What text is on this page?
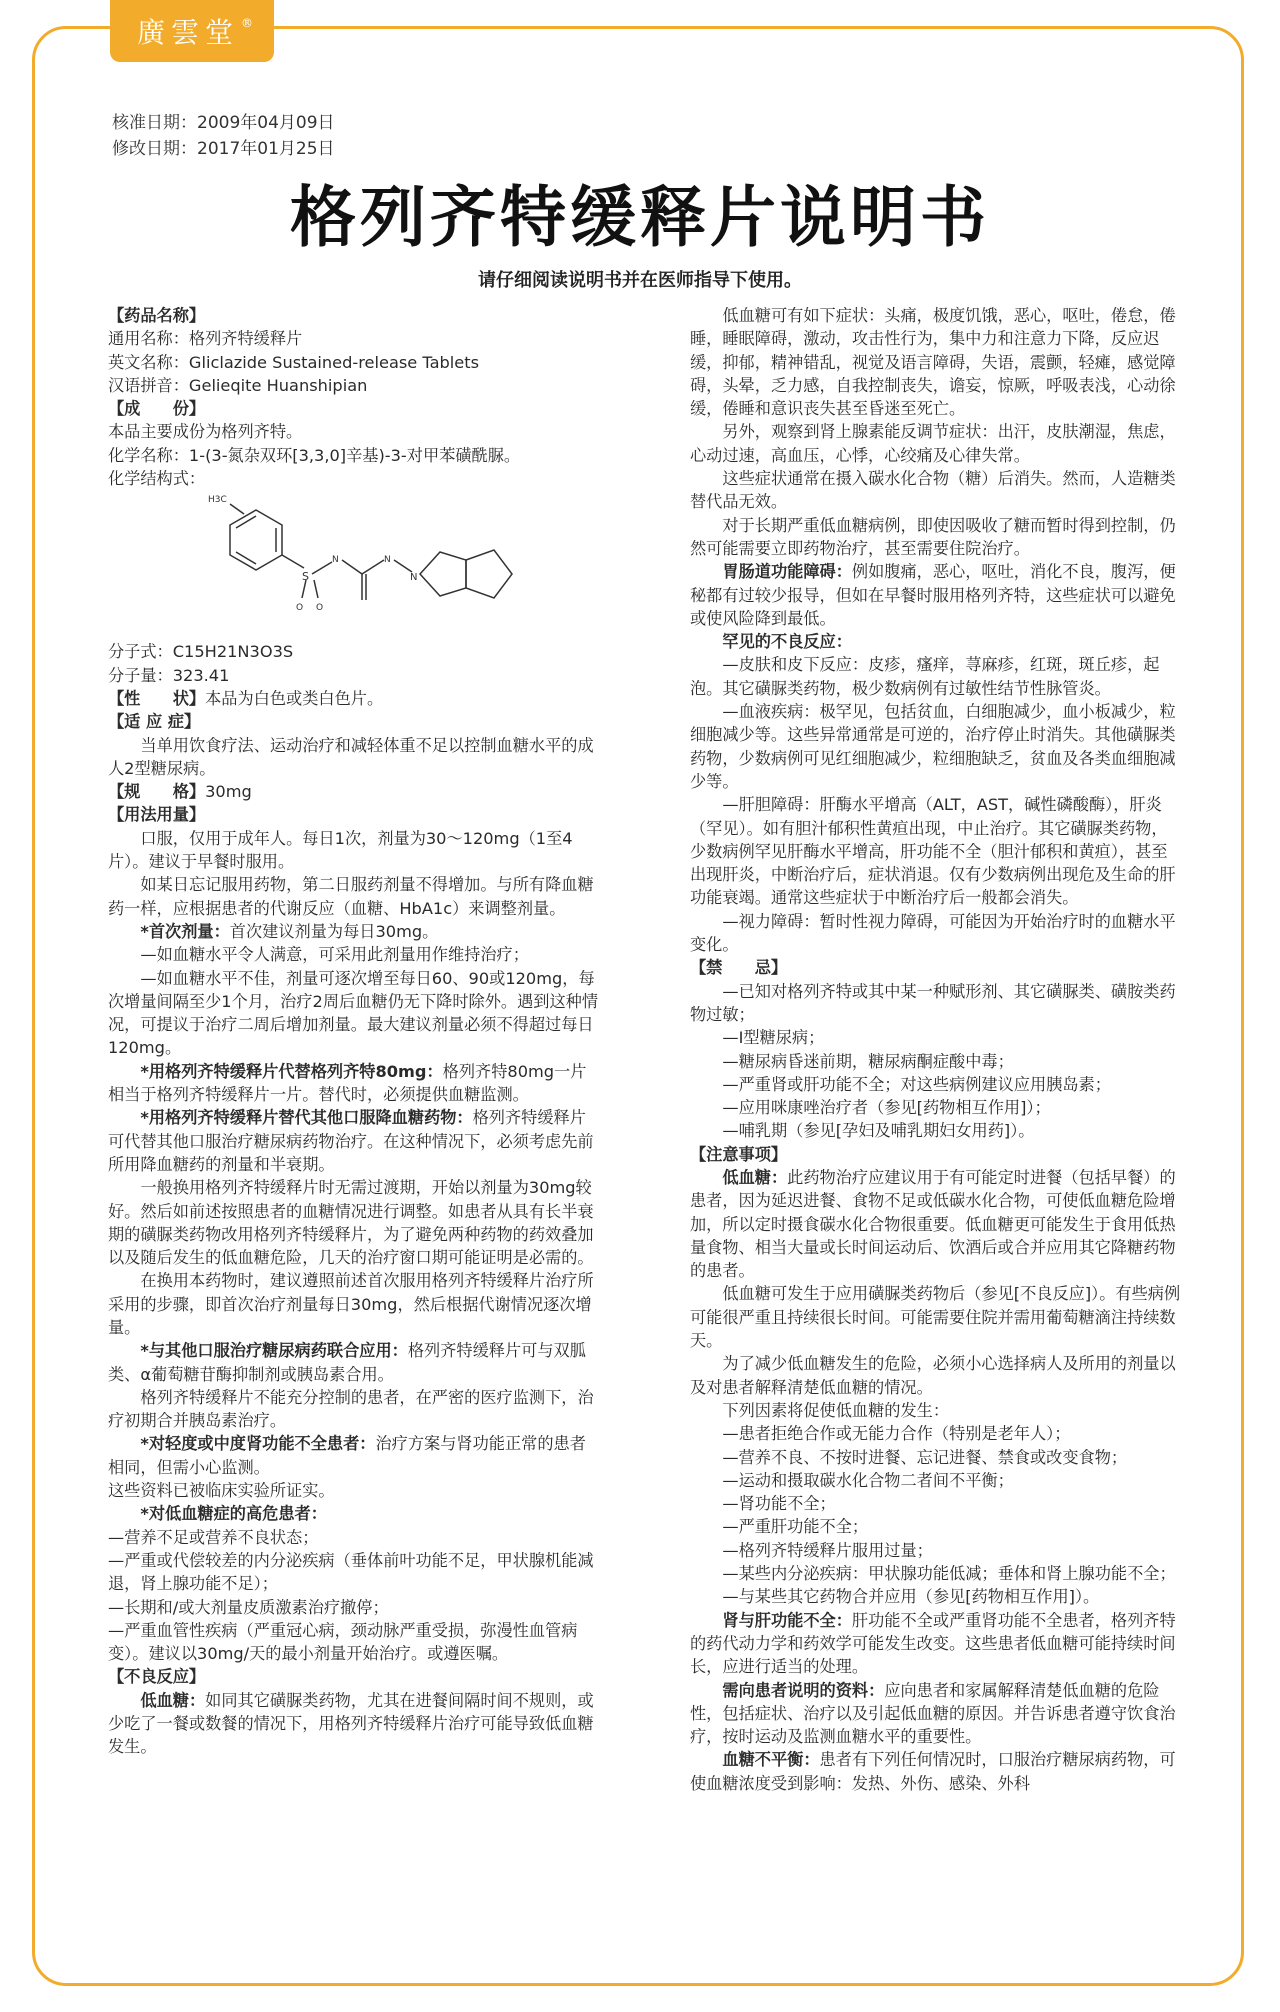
廣雲堂®
核准日期：2009年04月09日
修改日期：2017年01月25日
格列齐特缓释片说明书
请仔细阅读说明书并在医师指导下使用。

【药品名称】

通用名称：格列齐特缓释片

英文名称：Gliclazide Sustained-release Tablets

汉语拼音：Gelieqite Huanshipian

【成　　份】

本品主要成份为格列齐特。

化学名称：1-(3-氮杂双环[3,3,0]辛基)-3-对甲苯磺酰脲。

化学结构式：

H3C
S
O O
N	N
N

分子式：C15H21N3O3S

分子量：323.41

【性　　状】本品为白色或类白色片。

【适 应 症】

当单用饮食疗法、运动治疗和减轻体重不足以控制血糖水平的成人2型糖尿病。

【规　　格】30mg

【用法用量】

口服，仅用于成年人。每日1次，剂量为30～120mg（1至4片）。建议于早餐时服用。

如某日忘记服用药物，第二日服药剂量不得增加。与所有降血糖药一样，应根据患者的代谢反应（血糖、HbA1c）来调整剂量。

*首次剂量：首次建议剂量为每日30mg。

—如血糖水平令人满意，可采用此剂量用作维持治疗；

—如血糖水平不佳，剂量可逐次增至每日60、90或120mg，每次增量间隔至少1个月，治疗2周后血糖仍无下降时除外。遇到这种情况，可提议于治疗二周后增加剂量。最大建议剂量必须不得超过每日120mg。

*用格列齐特缓释片代替格列齐特80mg：格列齐特80mg一片相当于格列齐特缓释片一片。替代时，必须提供血糖监测。

*用格列齐特缓释片替代其他口服降血糖药物：格列齐特缓释片可代替其他口服治疗糖尿病药物治疗。在这种情况下，必须考虑先前所用降血糖药的剂量和半衰期。

一般换用格列齐特缓释片时无需过渡期，开始以剂量为30mg较好。然后如前述按照患者的血糖情况进行调整。如患者从具有长半衰期的磺脲类药物改用格列齐特缓释片，为了避免两种药物的药效叠加以及随后发生的低血糖危险，几天的治疗窗口期可能证明是必需的。

在换用本药物时，建议遵照前述首次服用格列齐特缓释片治疗所采用的步骤，即首次治疗剂量每日30mg，然后根据代谢情况逐次增量。

*与其他口服治疗糖尿病药联合应用：格列齐特缓释片可与双胍类、α葡萄糖苷酶抑制剂或胰岛素合用。

格列齐特缓释片不能充分控制的患者，在严密的医疗监测下，治疗初期合并胰岛素治疗。

*对轻度或中度肾功能不全患者：治疗方案与肾功能正常的患者相同，但需小心监测。

这些资料已被临床实验所证实。

*对低血糖症的高危患者：

—营养不足或营养不良状态；

—严重或代偿较差的内分泌疾病（垂体前叶功能不足，甲状腺机能减退，肾上腺功能不足）；

—长期和/或大剂量皮质激素治疗撤停；

—严重血管性疾病（严重冠心病，颈动脉严重受损，弥漫性血管病变）。建议以30mg/天的最小剂量开始治疗。或遵医嘱。

【不良反应】

低血糖：如同其它磺脲类药物，尤其在进餐间隔时间不规则，或少吃了一餐或数餐的情况下，用格列齐特缓释片治疗可能导致低血糖发生。

低血糖可有如下症状：头痛，极度饥饿，恶心，呕吐，倦怠，倦睡，睡眠障碍，激动，攻击性行为，集中力和注意力下降，反应迟缓，抑郁，精神错乱，视觉及语言障碍，失语，震颤，轻瘫，感觉障碍，头晕，乏力感，自我控制丧失，谵妄，惊厥，呼吸表浅，心动徐缓，倦睡和意识丧失甚至昏迷至死亡。

另外，观察到肾上腺素能反调节症状：出汗，皮肤潮湿，焦虑，心动过速，高血压，心悸，心绞痛及心律失常。

这些症状通常在摄入碳水化合物（糖）后消失。然而，人造糖类替代品无效。

对于长期严重低血糖病例，即使因吸收了糖而暂时得到控制，仍然可能需要立即药物治疗，甚至需要住院治疗。

胃肠道功能障碍：例如腹痛，恶心，呕吐，消化不良，腹泻，便秘都有过较少报导，但如在早餐时服用格列齐特，这些症状可以避免或使风险降到最低。

罕见的不良反应：

—皮肤和皮下反应：皮疹，瘙痒，荨麻疹，红斑，斑丘疹，起泡。其它磺脲类药物，极少数病例有过敏性结节性脉管炎。

—血液疾病：极罕见，包括贫血，白细胞减少，血小板减少，粒细胞减少等。这些异常通常是可逆的，治疗停止时消失。其他磺脲类药物，少数病例可见红细胞减少，粒细胞缺乏，贫血及各类血细胞减少等。

—肝胆障碍：肝酶水平增高（ALT，AST，碱性磷酸酶），肝炎（罕见）。如有胆汁郁积性黄疸出现，中止治疗。其它磺脲类药物，少数病例罕见肝酶水平增高，肝功能不全（胆汁郁积和黄疸），甚至出现肝炎，中断治疗后，症状消退。仅有少数病例出现危及生命的肝功能衰竭。通常这些症状于中断治疗后一般都会消失。

—视力障碍：暂时性视力障碍，可能因为开始治疗时的血糖水平变化。

【禁　　忌】

—已知对格列齐特或其中某一种赋形剂、其它磺脲类、磺胺类药物过敏；

—Ⅰ型糖尿病；

—糖尿病昏迷前期，糖尿病酮症酸中毒；

—严重肾或肝功能不全；对这些病例建议应用胰岛素；

—应用咪康唑治疗者（参见[药物相互作用]）；

—哺乳期（参见[孕妇及哺乳期妇女用药]）。

【注意事项】

低血糖：此药物治疗应建议用于有可能定时进餐（包括早餐）的患者，因为延迟进餐、食物不足或低碳水化合物，可使低血糖危险增加，所以定时摄食碳水化合物很重要。低血糖更可能发生于食用低热量食物、相当大量或长时间运动后、饮酒后或合并应用其它降糖药物的患者。

低血糖可发生于应用磺脲类药物后（参见[不良反应]）。有些病例可能很严重且持续很长时间。可能需要住院并需用葡萄糖滴注持续数天。

为了减少低血糖发生的危险，必须小心选择病人及所用的剂量以及对患者解释清楚低血糖的情况。

下列因素将促使低血糖的发生：

—患者拒绝合作或无能力合作（特别是老年人）；

—营养不良、不按时进餐、忘记进餐、禁食或改变食物；

—运动和摄取碳水化合物二者间不平衡；

—肾功能不全；

—严重肝功能不全；

—格列齐特缓释片服用过量；

—某些内分泌疾病：甲状腺功能低减；垂体和肾上腺功能不全；

—与某些其它药物合并应用（参见[药物相互作用]）。

肾与肝功能不全：肝功能不全或严重肾功能不全患者，格列齐特的药代动力学和药效学可能发生改变。这些患者低血糖可能持续时间长，应进行适当的处理。

需向患者说明的资料：应向患者和家属解释清楚低血糖的危险性，包括症状、治疗以及引起低血糖的原因。并告诉患者遵守饮食治疗，按时运动及监测血糖水平的重要性。

血糖不平衡：患者有下列任何情况时，口服治疗糖尿病药物，可使血糖浓度受到影响：发热、外伤、感染、外科
